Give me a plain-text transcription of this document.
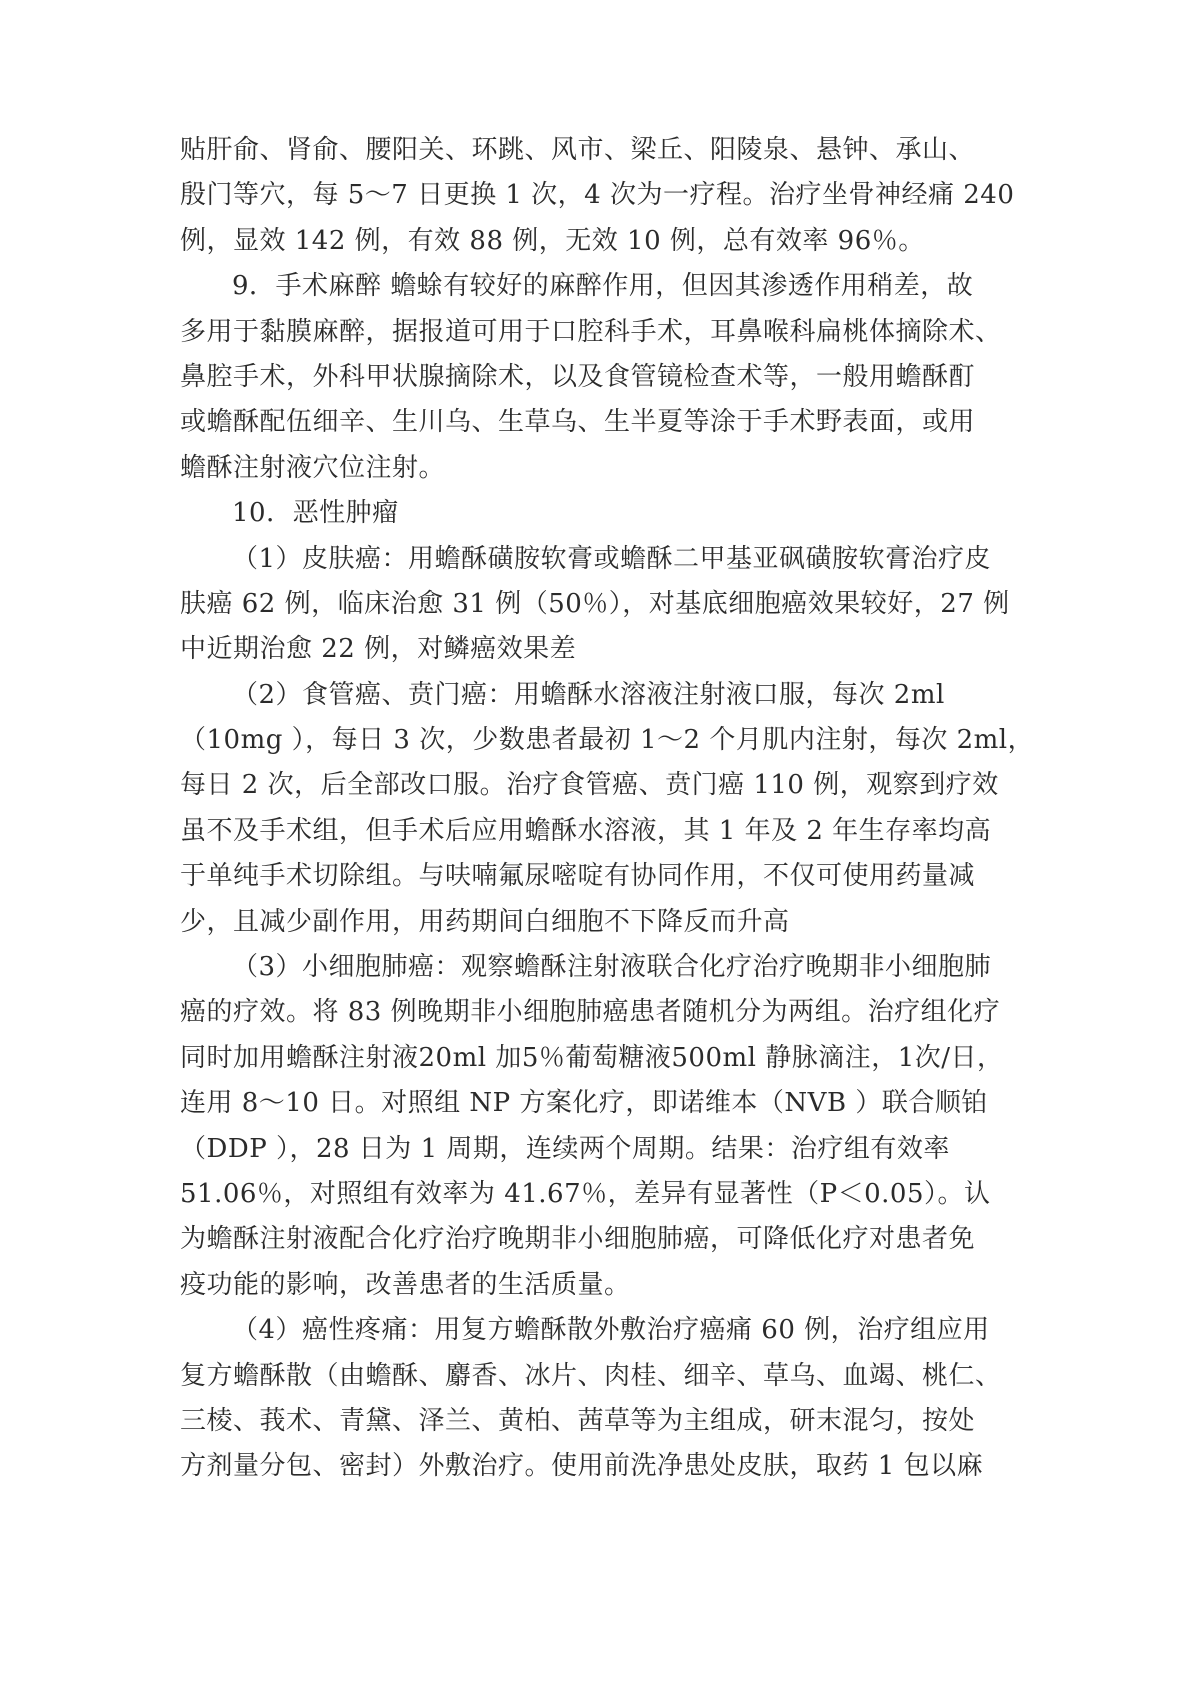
贴肝俞、肾俞、腰阳关、环跳、风市、梁丘、阳陵泉、悬钟、承山、
殷门等穴，每 5～7 日更换 1 次，4 次为一疗程。治疗坐骨神经痛 240
例，显效 142 例，有效 88 例，无效 10 例，总有效率 96％。
9．手术麻醉 蟾蜍有较好的麻醉作用，但因其渗透作用稍差，故
多用于黏膜麻醉，据报道可用于口腔科手术，耳鼻喉科扁桃体摘除术、
鼻腔手术，外科甲状腺摘除术，以及食管镜检查术等，一般用蟾酥酊
或蟾酥配伍细辛、生川乌、生草乌、生半夏等涂于手术野表面，或用
蟾酥注射液穴位注射。
10．恶性肿瘤
（1）皮肤癌：用蟾酥磺胺软膏或蟾酥二甲基亚砜磺胺软膏治疗皮
肤癌 62 例，临床治愈 31 例（50％），对基底细胞癌效果较好，27 例
中近期治愈 22 例，对鳞癌效果差
（2）食管癌、贲门癌：用蟾酥水溶液注射液口服，每次 2ml
（10mg ），每日 3 次，少数患者最初 1～2 个月肌内注射，每次 2ml，
每日 2 次，后全部改口服。治疗食管癌、贲门癌 110 例，观察到疗效
虽不及手术组，但手术后应用蟾酥水溶液，其 1 年及 2 年生存率均高
于单纯手术切除组。与呋喃氟尿嘧啶有协同作用，不仅可使用药量减
少，且减少副作用，用药期间白细胞不下降反而升高
（3）小细胞肺癌：观察蟾酥注射液联合化疗治疗晚期非小细胞肺
癌的疗效。将 83 例晚期非小细胞肺癌患者随机分为两组。治疗组化疗
同时加用蟾酥注射液20ml 加5％葡萄糖液500ml 静脉滴注，1次/日，
连用 8～10 日。对照组 NP 方案化疗，即诺维本（NVB ）联合顺铂
（DDP ），28 日为 1 周期，连续两个周期。结果：治疗组有效率
51.06％，对照组有效率为 41.67％，差异有显著性（P＜0.05）。认
为蟾酥注射液配合化疗治疗晚期非小细胞肺癌，可降低化疗对患者免
疫功能的影响，改善患者的生活质量。
（4）癌性疼痛：用复方蟾酥散外敷治疗癌痛 60 例，治疗组应用
复方蟾酥散（由蟾酥、麝香、冰片、肉桂、细辛、草乌、血竭、桃仁、
三棱、莪术、青黛、泽兰、黄柏、茜草等为主组成，研末混匀，按处
方剂量分包、密封）外敷治疗。使用前洗净患处皮肤，取药 1 包以麻
